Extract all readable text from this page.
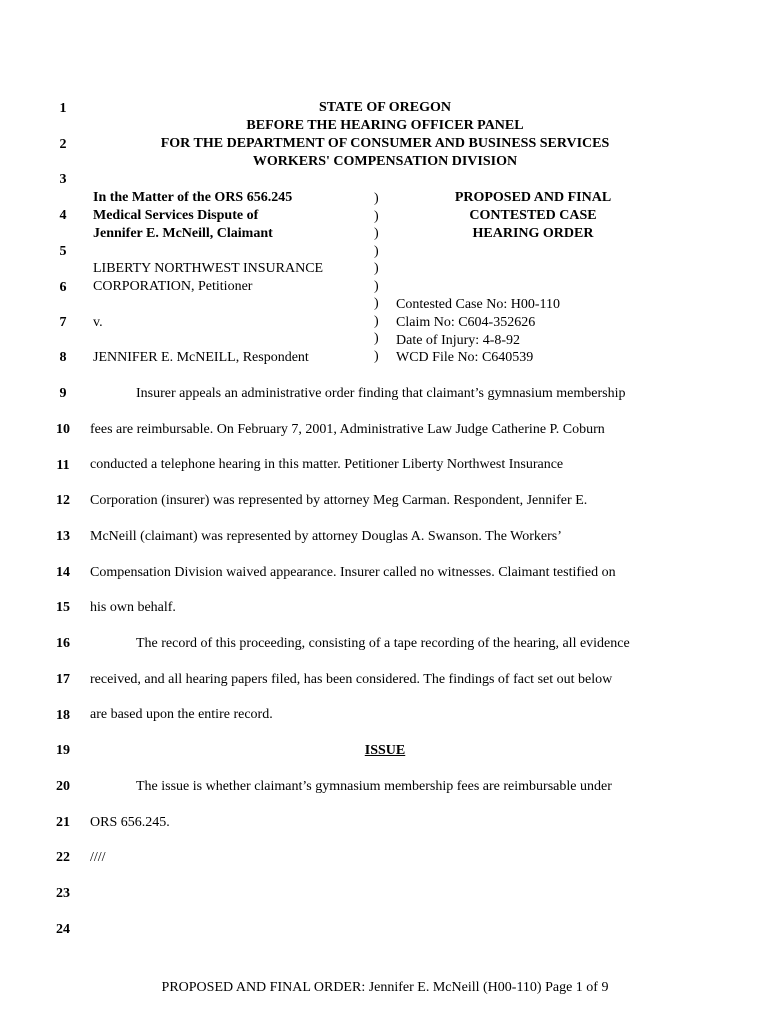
1
2
3
4
5
6
7
8
9
10
11
12
13
14
15
16
17
18
19
20
21
22
23
24
STATE OF OREGON
BEFORE THE HEARING OFFICER PANEL
FOR THE DEPARTMENT OF CONSUMER AND BUSINESS SERVICES
WORKERS' COMPENSATION DIVISION
In the Matter of the ORS 656.245
Medical Services Dispute of
Jennifer E. McNeill, Claimant
LIBERTY NORTHWEST INSURANCE
CORPORATION, Petitioner
v.
JENNIFER E. McNEILL, Respondent
)
)
)
)
)
)
)
)
)
)
PROPOSED AND FINAL
CONTESTED CASE
HEARING ORDER
Contested Case No: H00-110
Claim No: C604-352626
Date of Injury: 4-8-92
WCD File No: C640539
Insurer appeals an administrative order finding that claimant’s gymnasium membership
fees are reimbursable. On February 7, 2001, Administrative Law Judge Catherine P. Coburn
conducted a telephone hearing in this matter. Petitioner Liberty Northwest Insurance
Corporation (insurer) was represented by attorney Meg Carman. Respondent, Jennifer E.
McNeill (claimant) was represented by attorney Douglas A. Swanson. The Workers’
Compensation Division waived appearance. Insurer called no witnesses. Claimant testified on
his own behalf.
The record of this proceeding, consisting of a tape recording of the hearing, all evidence
received, and all hearing papers filed, has been considered. The findings of fact set out below
are based upon the entire record.
ISSUE
The issue is whether claimant’s gymnasium membership fees are reimbursable under
ORS 656.245.
////
PROPOSED AND FINAL ORDER: Jennifer E. McNeill (H00-110) Page 1 of 9
